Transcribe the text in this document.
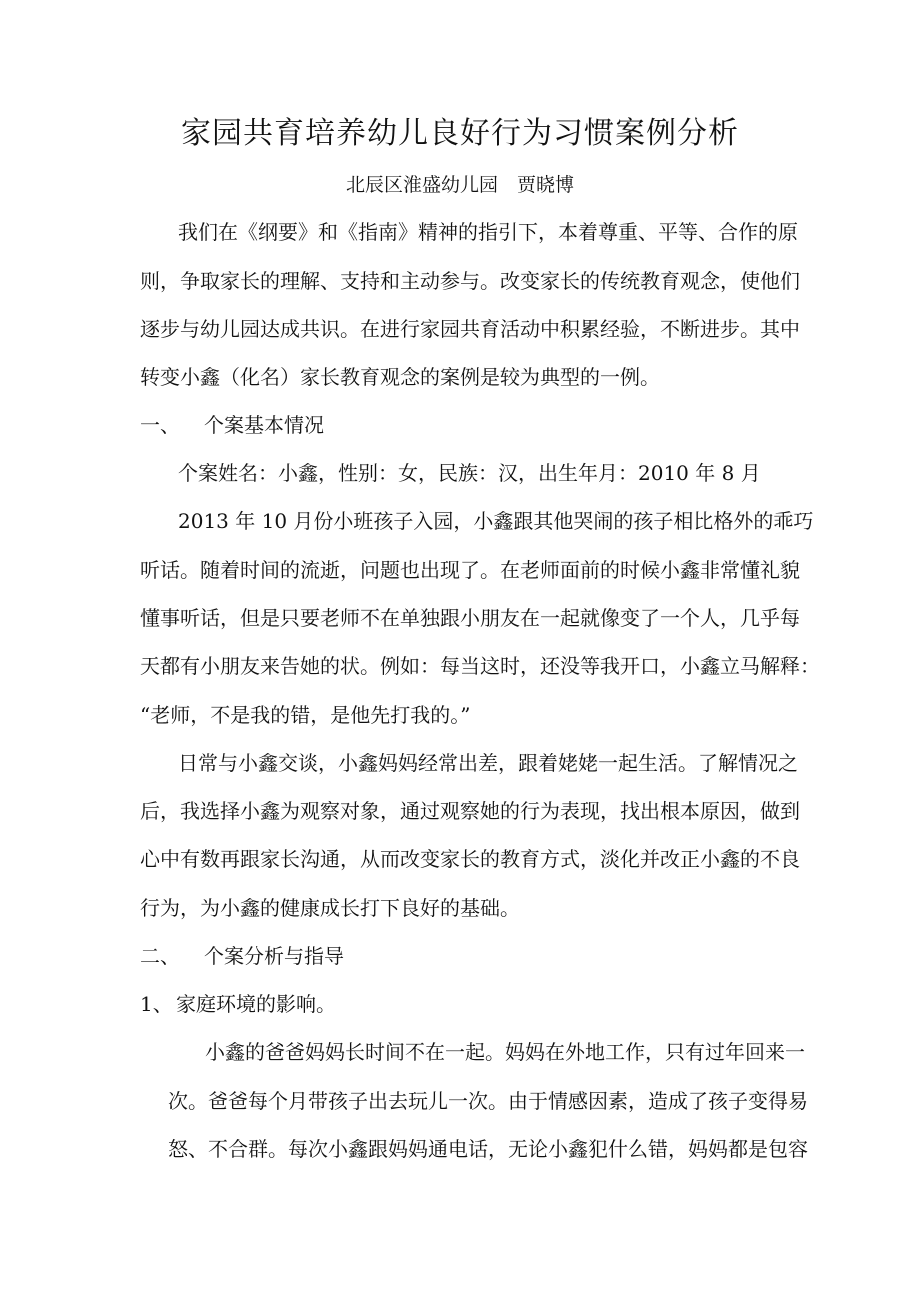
家园共育培养幼儿良好行为习惯案例分析
北辰区淮盛幼儿园　贾晓博
我们在《纲要》和《指南》精神的指引下，本着尊重、平等、合作的原
则，争取家长的理解、支持和主动参与。改变家长的传统教育观念，使他们
逐步与幼儿园达成共识。在进行家园共育活动中积累经验，不断进步。其中
转变小鑫（化名）家长教育观念的案例是较为典型的一例。
一、 个案基本情况
个案姓名：小鑫，性别：女，民族：汉，出生年月：2010 年 8 月
2013 年 10 月份小班孩子入园，小鑫跟其他哭闹的孩子相比格外的乖巧
听话。随着时间的流逝，问题也出现了。在老师面前的时候小鑫非常懂礼貌
懂事听话，但是只要老师不在单独跟小朋友在一起就像变了一个人，几乎每
天都有小朋友来告她的状。例如：每当这时，还没等我开口，小鑫立马解释：
“老师，不是我的错，是他先打我的。”
日常与小鑫交谈，小鑫妈妈经常出差，跟着姥姥一起生活。了解情况之
后，我选择小鑫为观察对象，通过观察她的行为表现，找出根本原因，做到
心中有数再跟家长沟通，从而改变家长的教育方式，淡化并改正小鑫的不良
行为，为小鑫的健康成长打下良好的基础。
二、 个案分析与指导
1、 家庭环境的影响。
小鑫的爸爸妈妈长时间不在一起。妈妈在外地工作，只有过年回来一
次。爸爸每个月带孩子出去玩儿一次。由于情感因素，造成了孩子变得易
怒、不合群。每次小鑫跟妈妈通电话，无论小鑫犯什么错，妈妈都是包容
